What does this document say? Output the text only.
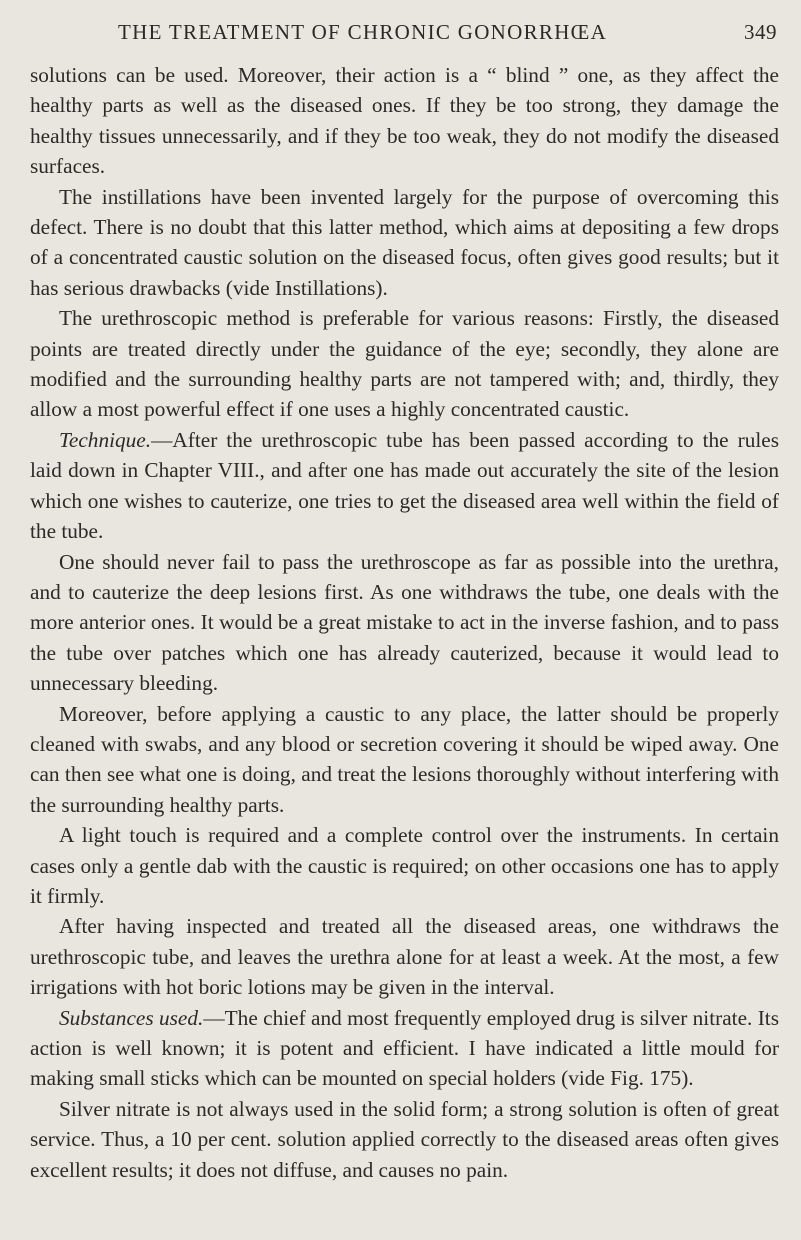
THE TREATMENT OF CHRONIC GONORRHŒA	349

solutions can be used. Moreover, their action is a “ blind ” one, as they affect the healthy parts as well as the diseased ones. If they be too strong, they damage the healthy tissues unnecessarily, and if they be too weak, they do not modify the diseased surfaces.

The instillations have been invented largely for the purpose of overcoming this defect. There is no doubt that this latter method, which aims at depositing a few drops of a concentrated caustic solution on the diseased focus, often gives good results; but it has serious drawbacks (vide Instillations).

The urethroscopic method is preferable for various reasons: Firstly, the diseased points are treated directly under the guidance of the eye; secondly, they alone are modified and the surrounding healthy parts are not tampered with; and, thirdly, they allow a most powerful effect if one uses a highly concentrated caustic.

Technique.—After the urethroscopic tube has been passed according to the rules laid down in Chapter VIII., and after one has made out accurately the site of the lesion which one wishes to cauterize, one tries to get the diseased area well within the field of the tube.

One should never fail to pass the urethroscope as far as possible into the urethra, and to cauterize the deep lesions first. As one withdraws the tube, one deals with the more anterior ones. It would be a great mistake to act in the inverse fashion, and to pass the tube over patches which one has already cauterized, because it would lead to unnecessary bleeding.

Moreover, before applying a caustic to any place, the latter should be properly cleaned with swabs, and any blood or secretion covering it should be wiped away. One can then see what one is doing, and treat the lesions thoroughly without interfering with the surrounding healthy parts.

A light touch is required and a complete control over the instruments. In certain cases only a gentle dab with the caustic is required; on other occasions one has to apply it firmly.

After having inspected and treated all the diseased areas, one withdraws the urethroscopic tube, and leaves the urethra alone for at least a week. At the most, a few irrigations with hot boric lotions may be given in the interval.

Substances used.—The chief and most frequently employed drug is silver nitrate. Its action is well known; it is potent and efficient. I have indicated a little mould for making small sticks which can be mounted on special holders (vide Fig. 175).

Silver nitrate is not always used in the solid form; a strong solution is often of great service. Thus, a 10 per cent. solution applied correctly to the diseased areas often gives excellent results; it does not diffuse, and causes no pain.
